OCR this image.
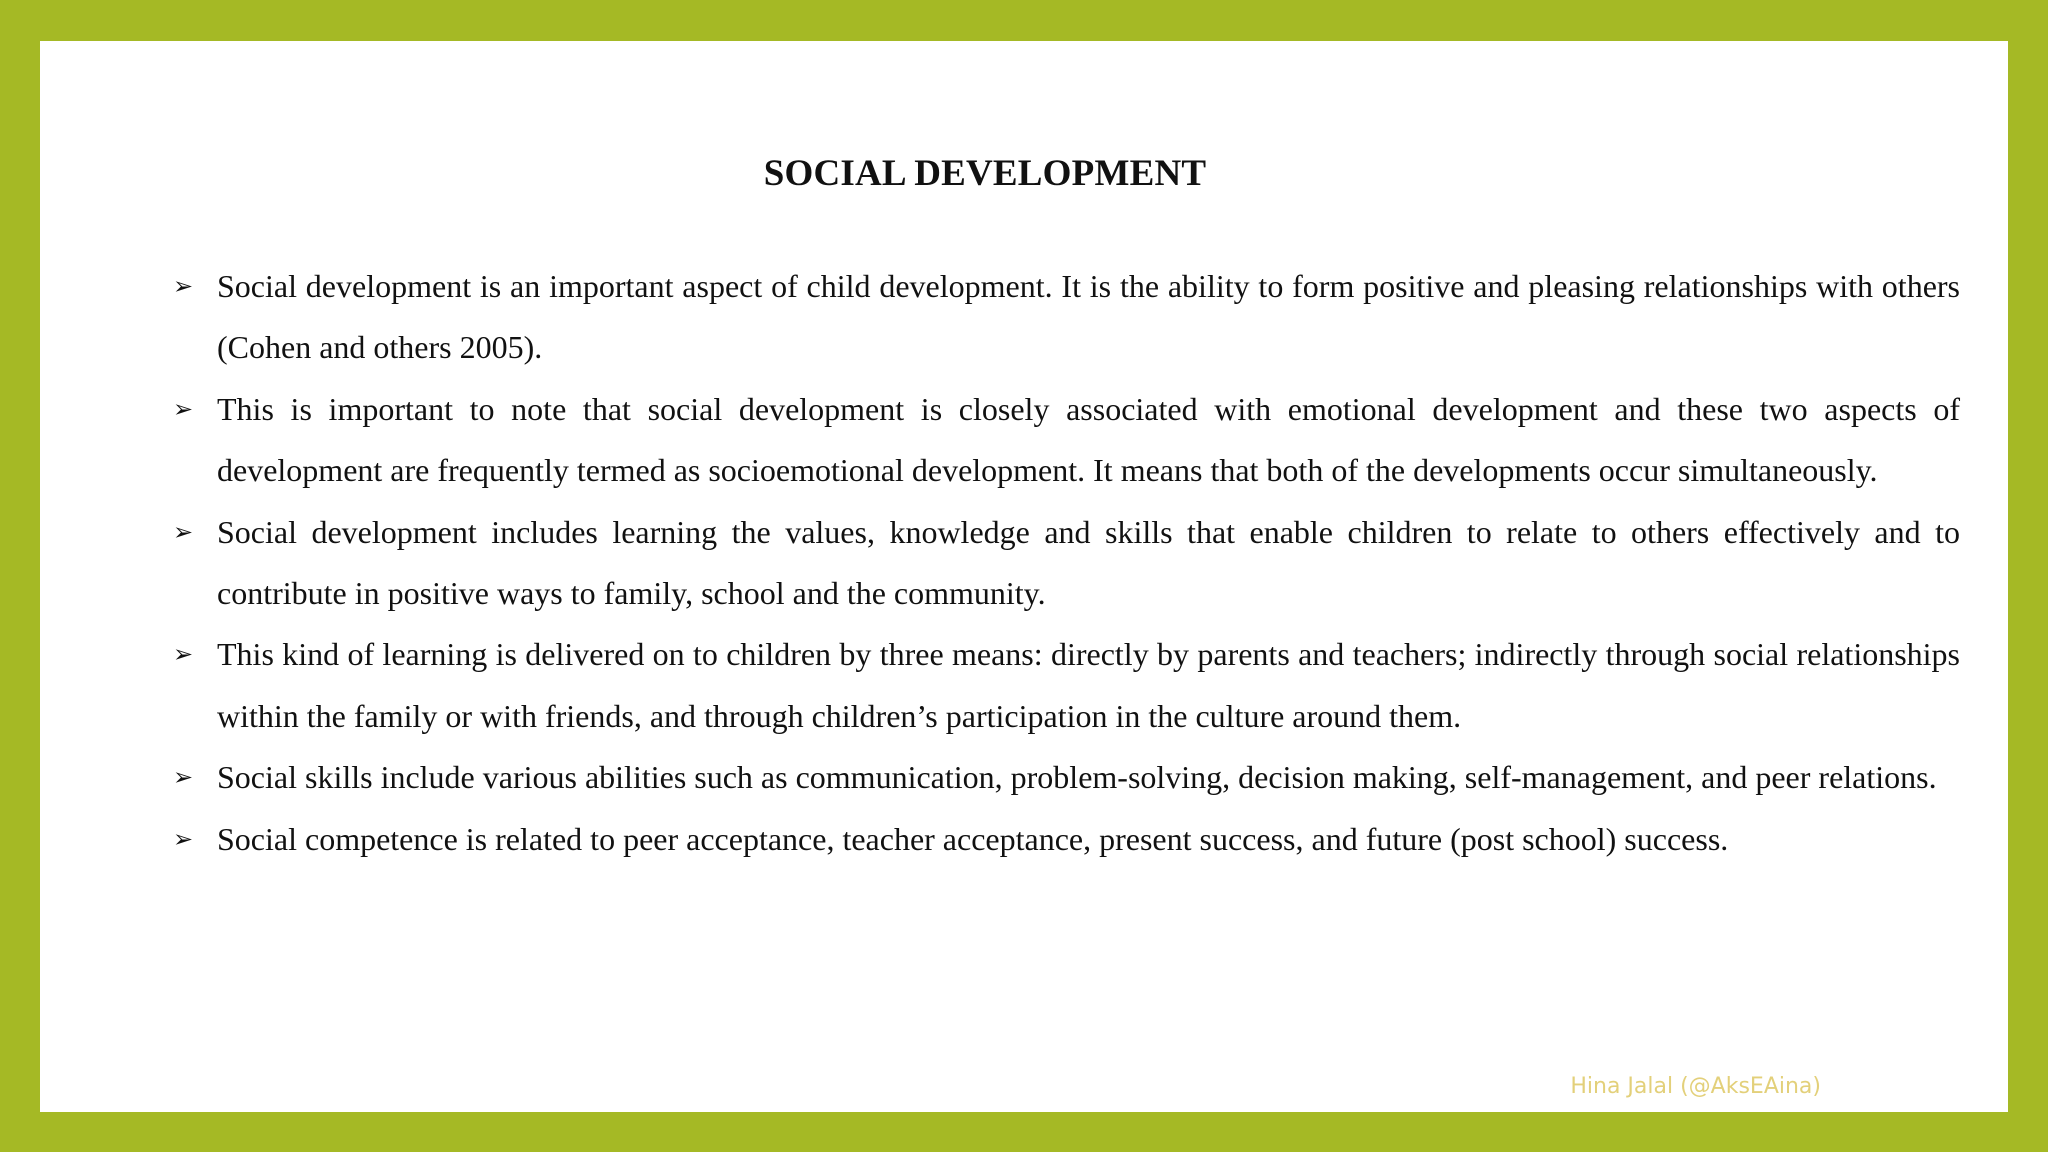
SOCIAL DEVELOPMENT
➢ Social development is an important aspect of child development. It is the ability to form positive and pleasing relationships with others (Cohen and others 2005).
➢ This is important to note that social development is closely associated with emotional development and these two aspects of development are frequently termed as socioemotional development. It means that both of the developments occur simultaneously.
➢ Social development includes learning the values, knowledge and skills that enable children to relate to others effectively and to contribute in positive ways to family, school and the community.
➢ This kind of learning is delivered on to children by three means: directly by parents and teachers; indirectly through social relationships within the family or with friends, and through children’s participation in the culture around them.
➢ Social skills include various abilities such as communication, problem-solving, decision making, self-management, and peer relations.
➢ Social competence is related to peer acceptance, teacher acceptance, present success, and future (post school) success.
Hina Jalal (@AksEAina)
